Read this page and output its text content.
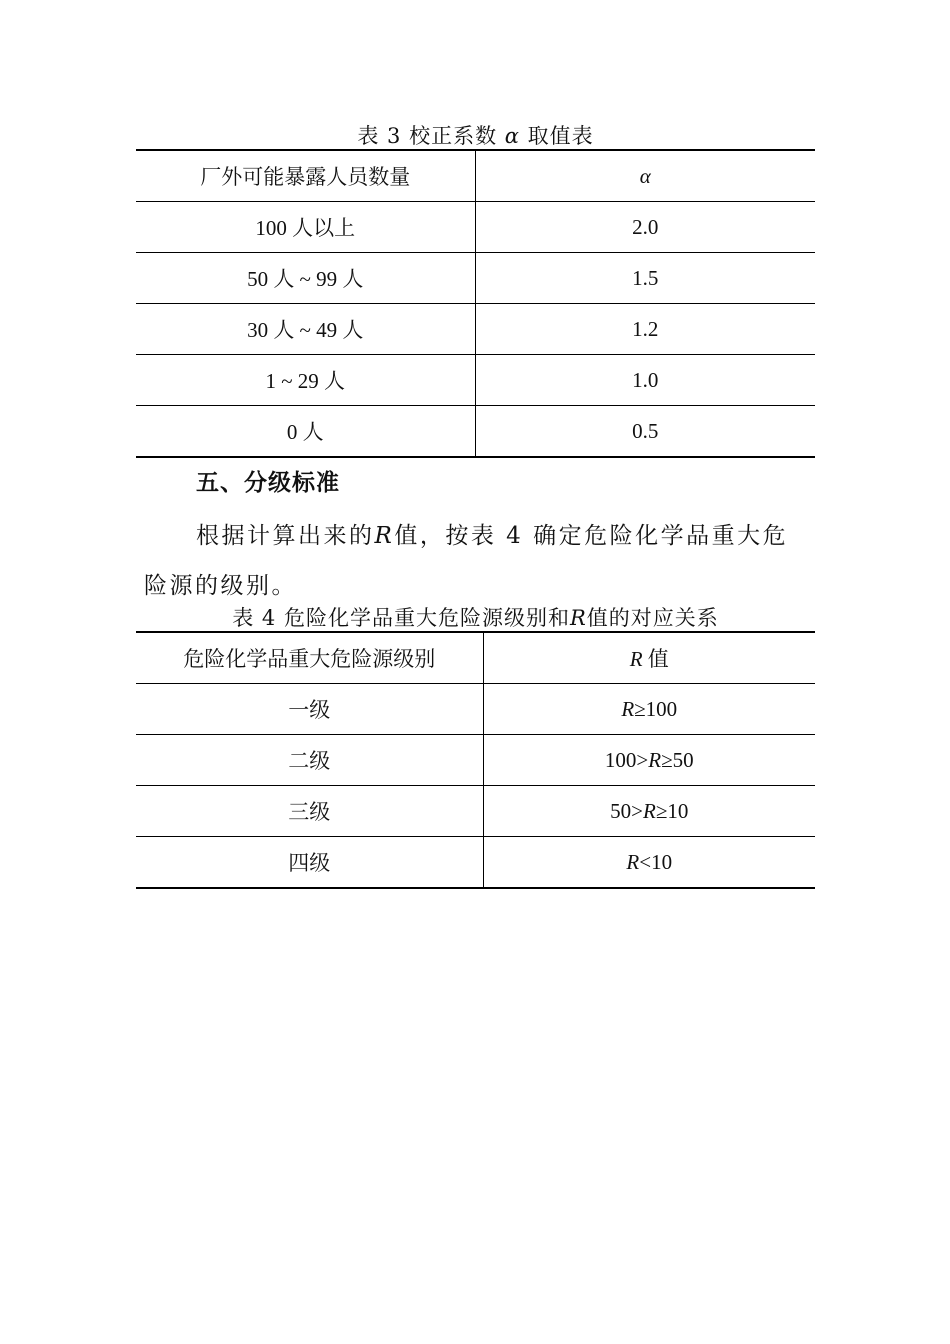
表 3 校正系数 α 取值表
厂外可能暴露人员数量	α
100 人以上	2.0
50 人 ~ 99 人	1.5
30 人 ~ 49 人	1.2
1 ~ 29 人	1.0
0 人	0.5
五、分级标准
根据计算出来的R值，按表 4 确定危险化学品重大危险源的级别。
表 4 危险化学品重大危险源级别和R值的对应关系
危险化学品重大危险源级别	R 值
一级	R≥100
二级	100>R≥50
三级	50>R≥10
四级	R<10
